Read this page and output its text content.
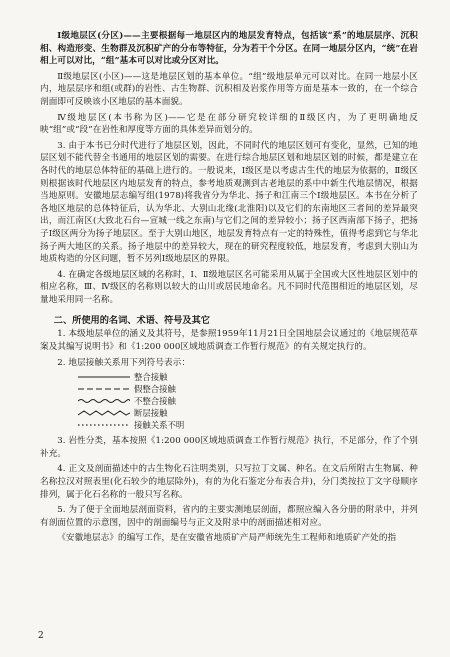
Ⅰ级地层区(分区)——主要根据每一地层区内的地层发育特点，包括该“系”的地层层序、沉积相、构造形变、生物群及沉积矿产的分布等特征，分为若干个分区。在同一地层分区内，“统”在岩相上可以对比，“组”基本可以对比或分区对比。

Ⅱ级地层区(小区)——这是地层区划的基本单位。“组”级地层单元可以对比。在同一地层小区内，地层层序和组(或群)的岩性、古生物群、沉积相及岩浆作用等方面是基本一致的，在一个综合剖面即可反映该小区地层的基本面貌。

Ⅳ级地层区(本书称为区)——它是在部分研究较详细的Ⅱ级区内，为了更明确地反映“组”或“段”在岩性和厚度等方面的具体差异而划分的。

3. 由于本书已分时代进行了地层区划，因此，不同时代的地层区划可有变化，显然，已知的地层区划不能代替全书通用的地层区划的需要。在进行综合地层区划和地层区划的时候，都是建立在各时代的地层总体特征的基础上进行的。一般说来，Ⅰ级区是以考虑古生代的地层为依据的，Ⅱ级区则根据该时代地层区内地层发育的特点，参考地质观测到古老地层的系中中新生代地层情况，根据当地原则。安徽地层志编写组(1978)将我省分为华北、扬子和江南三个Ⅰ级地层区。本书在分析了各地区地层的总体特征后，认为华北、大别山北缘(北淮阳)以及它们的东南地区三者间的差异最突出，而江南区(大致北石台—宣城一线之东南)与它们之间的差异较小；扬子区西南部下扬子，把扬子Ⅰ级区两分为扬子地层区。至于大别山地区，地层发育特点有一定的特殊性，值得考虑到它与华北扬子两大地区的关系。扬子地层中的差异较大，现在的研究程度较低，地层发育，考虑到大别山为地质构造的分区问题，暂不另列Ⅰ级地层区的界限。

4. 在确定各级地层区域的名称时，Ⅰ、Ⅱ级地层区名可能采用从属于全国或大区性地层区划中的相应名称，Ⅲ、Ⅳ级区的名称则以较大的山川或居民地命名。凡不同时代范围相近的地层区划，尽量地采用同一名称。

二、所使用的名词、术语、符号及其它

1. 本级地层单位的涵义及其符号，是参照1959年11月21日全国地层会议通过的《地层规范草案及其编写说明书》和《1:200 000区域地质调查工作暂行规范》的有关规定执行的。

2. 地层接触关系用下列符号表示：

整合接触
假整合接触
不整合接触
断层接触
接触关系不明

3. 岩性分类，基本按照《1:200 000区域地质调查工作暂行规范》执行，不足部分，作了个别补充。

4. 正文及剖面描述中的古生物化石注明类别，只写拉丁文属、种名。在文后所附古生物属、种名称拉汉对照表里(化石较少的地层除外)，有的为化石鉴定分布表合并)，分门类按拉丁文字母顺序排列，属于化石名称的一般只写名称。

5. 为了便于全面地层剖面资料，省内的主要实测地层剖面，都照应编入各分册的附录中，并列有剖面位置的示意图，因中的剖面编号与正文及附录中的剖面描述相对应。

《安徽地层志》的编写工作，是在安徽省地质矿产局严师统先生工程师和地质矿产处的指

2
